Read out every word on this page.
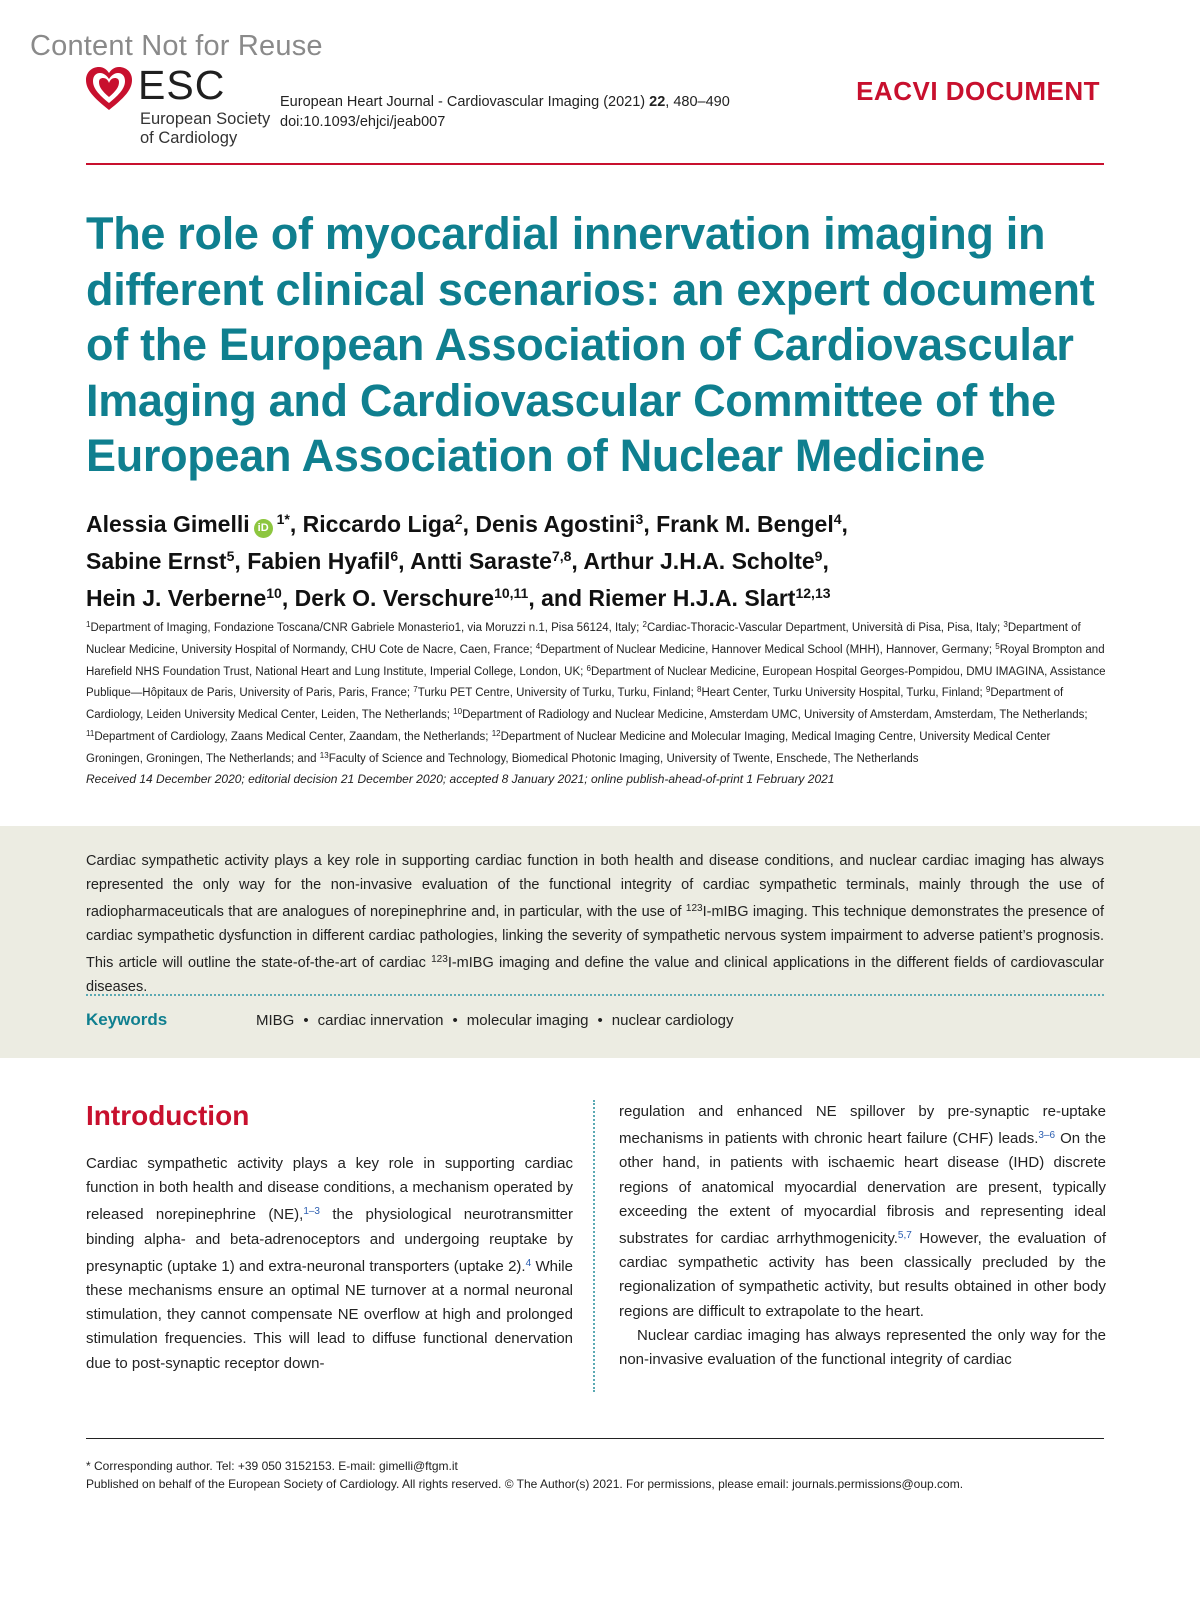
Content Not for Reuse
ESC
European Society
of Cardiology
European Heart Journal - Cardiovascular Imaging (2021) 22, 480–490
doi:10.1093/ehjci/jeab007
EACVI DOCUMENT
The role of myocardial innervation imaging in different clinical scenarios: an expert document of the European Association of Cardiovascular Imaging and Cardiovascular Committee of the European Association of Nuclear Medicine
Alessia Gimelli $iD^{1*}$, Riccardo Liga$^2$, Denis Agostini$^3$, Frank M. Bengel$^4$,
Sabine Ernst$^5$, Fabien Hyafil$^6$, Antti Saraste$^{7,8}$, Arthur J.H.A. Scholte$^9$,
Hein J. Verberne$^{10}$, Derk O. Verschure$^{10,11}$, and Riemer H.J.A. Slart$^{12,13}$
$^1$Department of Imaging, Fondazione Toscana/CNR Gabriele Monasterio1, via Moruzzi n.1, Pisa 56124, Italy; $^2$Cardiac-Thoracic-Vascular Department, Università di Pisa, Pisa, Italy; $^3$Department of Nuclear Medicine, University Hospital of Normandy, CHU Cote de Nacre, Caen, France; $^4$Department of Nuclear Medicine, Hannover Medical School (MHH), Hannover, Germany; $^5$Royal Brompton and Harefield NHS Foundation Trust, National Heart and Lung Institute, Imperial College, London, UK; $^6$Department of Nuclear Medicine, European Hospital Georges-Pompidou, DMU IMAGINA, Assistance Publique—Hôpitaux de Paris, University of Paris, Paris, France; $^7$Turku PET Centre, University of Turku, Turku, Finland; $^8$Heart Center, Turku University Hospital, Turku, Finland; $^9$Department of Cardiology, Leiden University Medical Center, Leiden, The Netherlands; $^{10}$Department of Radiology and Nuclear Medicine, Amsterdam UMC, University of Amsterdam, Amsterdam, The Netherlands; $^{11}$Department of Cardiology, Zaans Medical Center, Zaandam, the Netherlands; $^{12}$Department of Nuclear Medicine and Molecular Imaging, Medical Imaging Centre, University Medical Center Groningen, Groningen, The Netherlands; and $^{13}$Faculty of Science and Technology, Biomedical Photonic Imaging, University of Twente, Enschede, The Netherlands
Received 14 December 2020; editorial decision 21 December 2020; accepted 8 January 2021; online publish-ahead-of-print 1 February 2021
Cardiac sympathetic activity plays a key role in supporting cardiac function in both health and disease conditions, and nuclear cardiac imaging has always represented the only way for the non-invasive evaluation of the functional integrity of cardiac sympathetic terminals, mainly through the use of radiopharmaceuticals that are analogues of norepinephrine and, in particular, with the use of $^{123}$I-mIBG imaging. This technique demonstrates the presence of cardiac sympathetic dysfunction in different cardiac pathologies, linking the severity of sympathetic nervous system impairment to adverse patient’s prognosis. This article will outline the state-of-the-art of cardiac $^{123}$I-mIBG imaging and define the value and clinical applications in the different fields of cardiovascular diseases.
Keywords	MIBG • cardiac innervation • molecular imaging • nuclear cardiology
Introduction

Cardiac sympathetic activity plays a key role in supporting cardiac function in both health and disease conditions, a mechanism operated by released norepinephrine (NE),$^{1-3}$ the physiological neurotransmitter binding alpha- and beta-adrenoceptors and undergoing reuptake by presynaptic (uptake 1) and extra-neuronal transporters (uptake 2).$^4$ While these mechanisms ensure an optimal NE turnover at a normal neuronal stimulation, they cannot compensate NE overflow at high and prolonged stimulation frequencies. This will lead to diffuse functional denervation due to post-synaptic receptor down-

regulation and enhanced NE spillover by pre-synaptic re-uptake mechanisms in patients with chronic heart failure (CHF) leads.$^{3-6}$ On the other hand, in patients with ischaemic heart disease (IHD) discrete regions of anatomical myocardial denervation are present, typically exceeding the extent of myocardial fibrosis and representing ideal substrates for cardiac arrhythmogenicity.$^{5,7}$ However, the evaluation of cardiac sympathetic activity has been classically precluded by the regionalization of sympathetic activity, but results obtained in other body regions are difficult to extrapolate to the heart.

Nuclear cardiac imaging has always represented the only way for the non-invasive evaluation of the functional integrity of cardiac

* Corresponding author. Tel: +39 050 3152153. E-mail: gimelli@ftgm.it
Published on behalf of the European Society of Cardiology. All rights reserved. © The Author(s) 2021. For permissions, please email: journals.permissions@oup.com.
